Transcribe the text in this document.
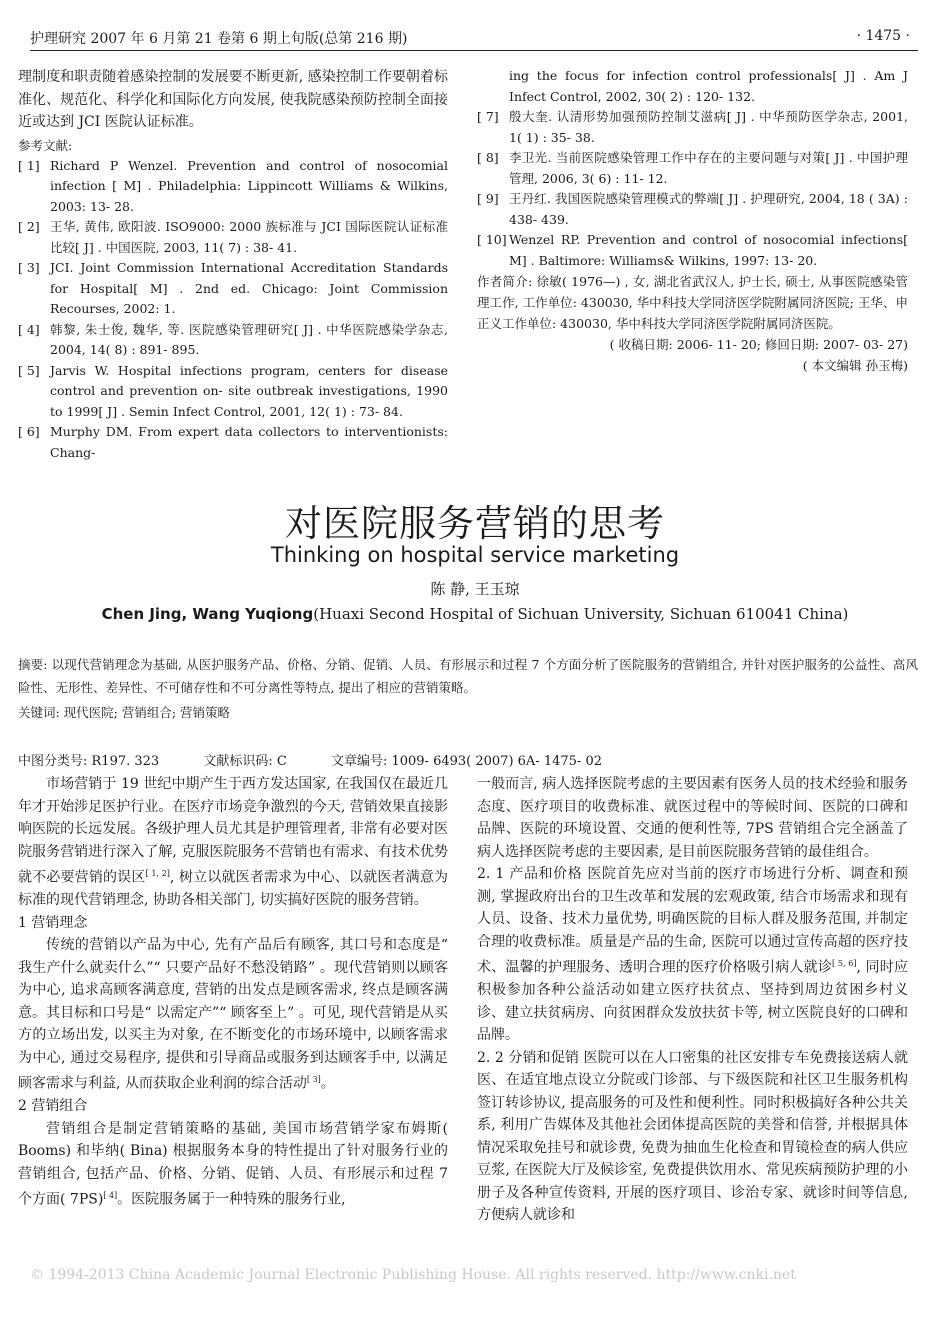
护理研究 2007 年 6 月第 21 卷第 6 期上旬版(总第 216 期)	· 1475 ·
理制度和职责随着感染控制的发展要不断更新, 感染控制工作要朝着标准化、规范化、科学化和国际化方向发展, 使我院感染预防控制全面接近或达到 JCI 医院认证标准。
参考文献:
[ 1] Richard P Wenzel. Prevention and control of nosocomial infection [ M] . Philadelphia: Lippincott Williams & Wilkins, 2003: 13- 28.
[ 2] 王华, 黄伟, 欧阳波. ISO9000: 2000 族标准与 JCI 国际医院认证标准比较[ J] . 中国医院, 2003, 11( 7) : 38- 41.
[ 3] JCI. Joint Commission International Accreditation Standards for Hospital[ M] . 2nd ed. Chicago: Joint Commission Recourses, 2002: 1.
[ 4] 韩黎, 朱士俊, 魏华, 等. 医院感染管理研究[ J] . 中华医院感染学杂志, 2004, 14( 8) : 891- 895.
[ 5] Jarvis W. Hospital infections program, centers for disease control and prevention on- site outbreak investigations, 1990 to 1999[ J] . Semin Infect Control, 2001, 12( 1) : 73- 84.
[ 6] Murphy DM. From expert data collectors to interventionists: Chang-
ing the focus for infection control professionals[ J] . Am J Infect Control, 2002, 30( 2) : 120- 132.
[ 7] 殷大奎. 认清形势加强预防控制艾滋病[ J] . 中华预防医学杂志, 2001, 1( 1) : 35- 38.
[ 8] 李卫光. 当前医院感染管理工作中存在的主要问题与对策[ J] . 中国护理管理, 2006, 3( 6) : 11- 12.
[ 9] 王丹红. 我国医院感染管理模式的弊端[ J] . 护理研究, 2004, 18 ( 3A) : 438- 439.
[ 10] Wenzel RP. Prevention and control of nosocomial infections[ M] . Baltimore: Williams& Wilkins, 1997: 13- 20.
作者简介: 徐敏( 1976—) , 女, 湖北省武汉人, 护士长, 硕士, 从事医院感染管理工作, 工作单位: 430030, 华中科技大学同济医学院附属同济医院; 王华、申正义工作单位: 430030, 华中科技大学同济医学院附属同济医院。
( 收稿日期: 2006- 11- 20; 修回日期: 2007- 03- 27)
( 本文编辑 孙玉梅)
对医院服务营销的思考
Thinking on hospital service marketing
陈 静, 王玉琼
Chen Jing, Wang Yuqiong(Huaxi Second Hospital of Sichuan University, Sichuan 610041 China)
摘要: 以现代营销理念为基础, 从医护服务产品、价格、分销、促销、人员、有形展示和过程 7 个方面分析了医院服务的营销组合, 并针对医护服务的公益性、高风险性、无形性、差异性、不可储存性和不可分离性等特点, 提出了相应的营销策略。
关键词: 现代医院; 营销组合; 营销策略
中图分类号: R197. 323	文献标识码: C	文章编号: 1009- 6493( 2007) 6A- 1475- 02
市场营销于 19 世纪中期产生于西方发达国家, 在我国仅在最近几年才开始涉足医护行业。在医疗市场竞争激烈的今天, 营销效果直接影响医院的长远发展。各级护理人员尤其是护理管理者, 非常有必要对医院服务营销进行深入了解, 克服医院服务不营销也有需求、有技术优势就不必要营销的误区[ 1, 2], 树立以就医者需求为中心、以就医者满意为标准的现代营销理念, 协助各相关部门, 切实搞好医院的服务营销。
1 营销理念
传统的营销以产品为中心, 先有产品后有顾客, 其口号和态度是“ 我生产什么就卖什么”“ 只要产品好不愁没销路” 。现代营销则以顾客为中心, 追求高顾客满意度, 营销的出发点是顾客需求, 终点是顾客满意。其目标和口号是“ 以需定产”“ 顾客至上” 。可见, 现代营销是从买方的立场出发, 以买主为对象, 在不断变化的市场环境中, 以顾客需求为中心, 通过交易程序, 提供和引导商品或服务到达顾客手中, 以满足顾客需求与利益, 从而获取企业利润的综合活动[ 3]。
2 营销组合
营销组合是制定营销策略的基础, 美国市场营销学家布姆斯( Booms) 和毕纳( Bina) 根据服务本身的特性提出了针对服务行业的营销组合, 包括产品、价格、分销、促销、人员、有形展示和过程 7 个方面( 7PS)[ 4]。医院服务属于一种特殊的服务行业,
一般而言, 病人选择医院考虑的主要因素有医务人员的技术经验和服务态度、医疗项目的收费标准、就医过程中的等候时间、医院的口碑和品牌、医院的环境设置、交通的便利性等, 7PS 营销组合完全涵盖了病人选择医院考虑的主要因素, 是目前医院服务营销的最佳组合。
2. 1 产品和价格 医院首先应对当前的医疗市场进行分析、调查和预测, 掌握政府出台的卫生改革和发展的宏观政策, 结合市场需求和现有人员、设备、技术力量优势, 明确医院的目标人群及服务范围, 并制定合理的收费标准。质量是产品的生命, 医院可以通过宣传高超的医疗技术、温馨的护理服务、透明合理的医疗价格吸引病人就诊[ 5, 6], 同时应积极参加各种公益活动如建立医疗扶贫点、坚持到周边贫困乡村义诊、建立扶贫病房、向贫困群众发放扶贫卡等, 树立医院良好的口碑和品牌。
2. 2 分销和促销 医院可以在人口密集的社区安排专车免费接送病人就医、在适宜地点设立分院或门诊部、与下级医院和社区卫生服务机构签订转诊协议, 提高服务的可及性和便利性。同时积极搞好各种公共关系, 利用广告媒体及其他社会团体提高医院的美誉和信誉, 并根据具体情况采取免挂号和就诊费, 免费为抽血生化检查和胃镜检查的病人供应豆浆, 在医院大厅及候诊室, 免费提供饮用水、常见疾病预防护理的小册子及各种宣传资料, 开展的医疗项目、诊治专家、就诊时间等信息, 方便病人就诊和
© 1994-2013 China Academic Journal Electronic Publishing House. All rights reserved. http://www.cnki.net
